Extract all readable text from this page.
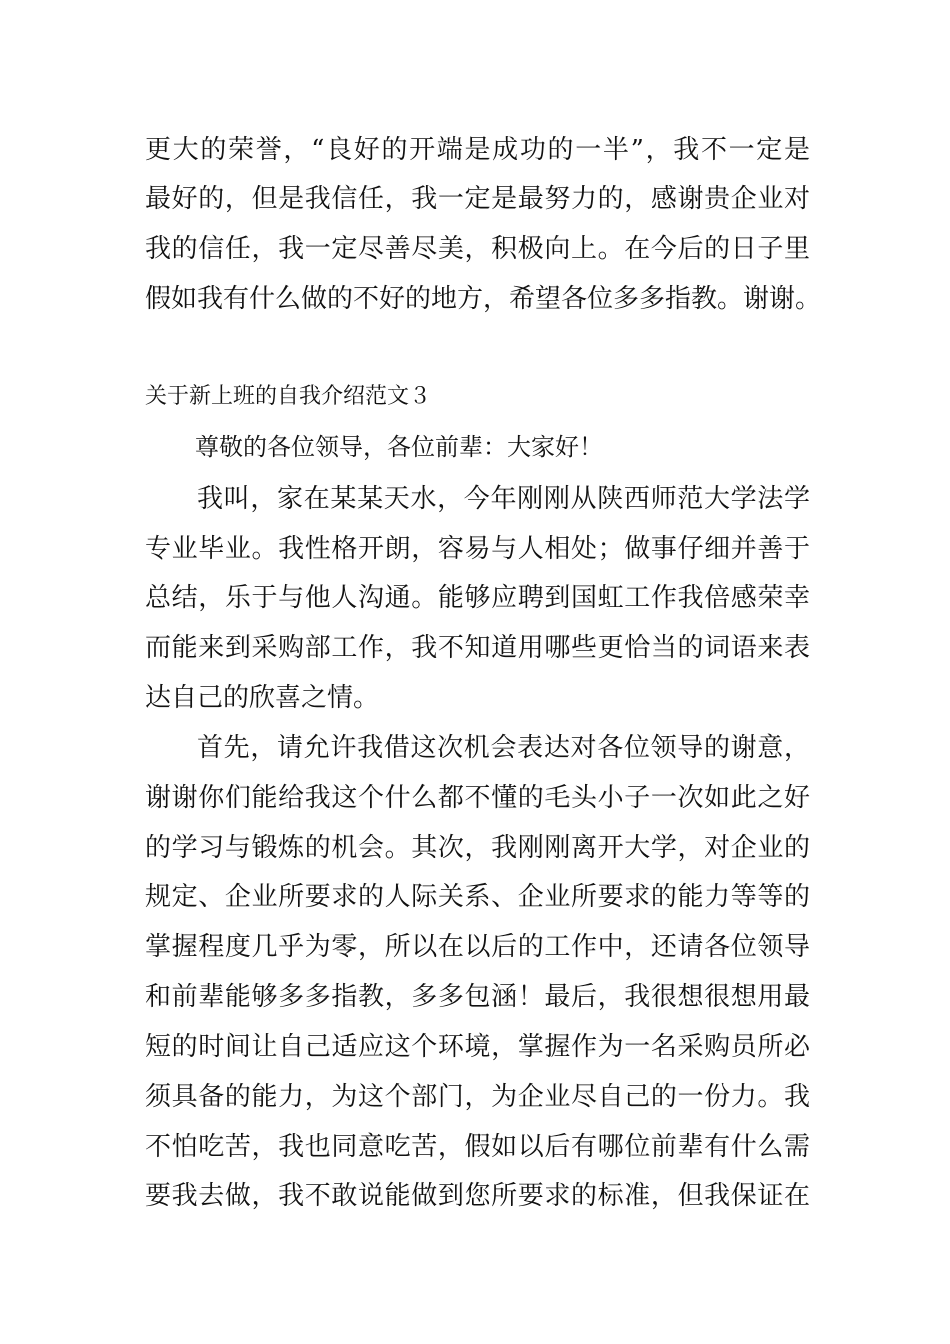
更大的荣誉，“良好的开端是成功的一半”，我不一定是
最好的，但是我信任，我一定是最努力的，感谢贵企业对
我的信任，我一定尽善尽美，积极向上。在今后的日子里
假如我有什么做的不好的地方，希望各位多多指教。谢谢。
关于新上班的自我介绍范文３
尊敬的各位领导，各位前辈：大家好！
我叫，家在某某天水，今年刚刚从陕西师范大学法学
专业毕业。我性格开朗，容易与人相处；做事仔细并善于
总结，乐于与他人沟通。能够应聘到国虹工作我倍感荣幸
而能来到采购部工作，我不知道用哪些更恰当的词语来表
达自己的欣喜之情。
首先，请允许我借这次机会表达对各位领导的谢意，
谢谢你们能给我这个什么都不懂的毛头小子一次如此之好
的学习与锻炼的机会。其次，我刚刚离开大学，对企业的
规定、企业所要求的人际关系、企业所要求的能力等等的
掌握程度几乎为零，所以在以后的工作中，还请各位领导
和前辈能够多多指教，多多包涵！最后，我很想很想用最
短的时间让自己适应这个环境，掌握作为一名采购员所必
须具备的能力，为这个部门，为企业尽自己的一份力。我
不怕吃苦，我也同意吃苦，假如以后有哪位前辈有什么需
要我去做，我不敢说能做到您所要求的标准，但我保证在
